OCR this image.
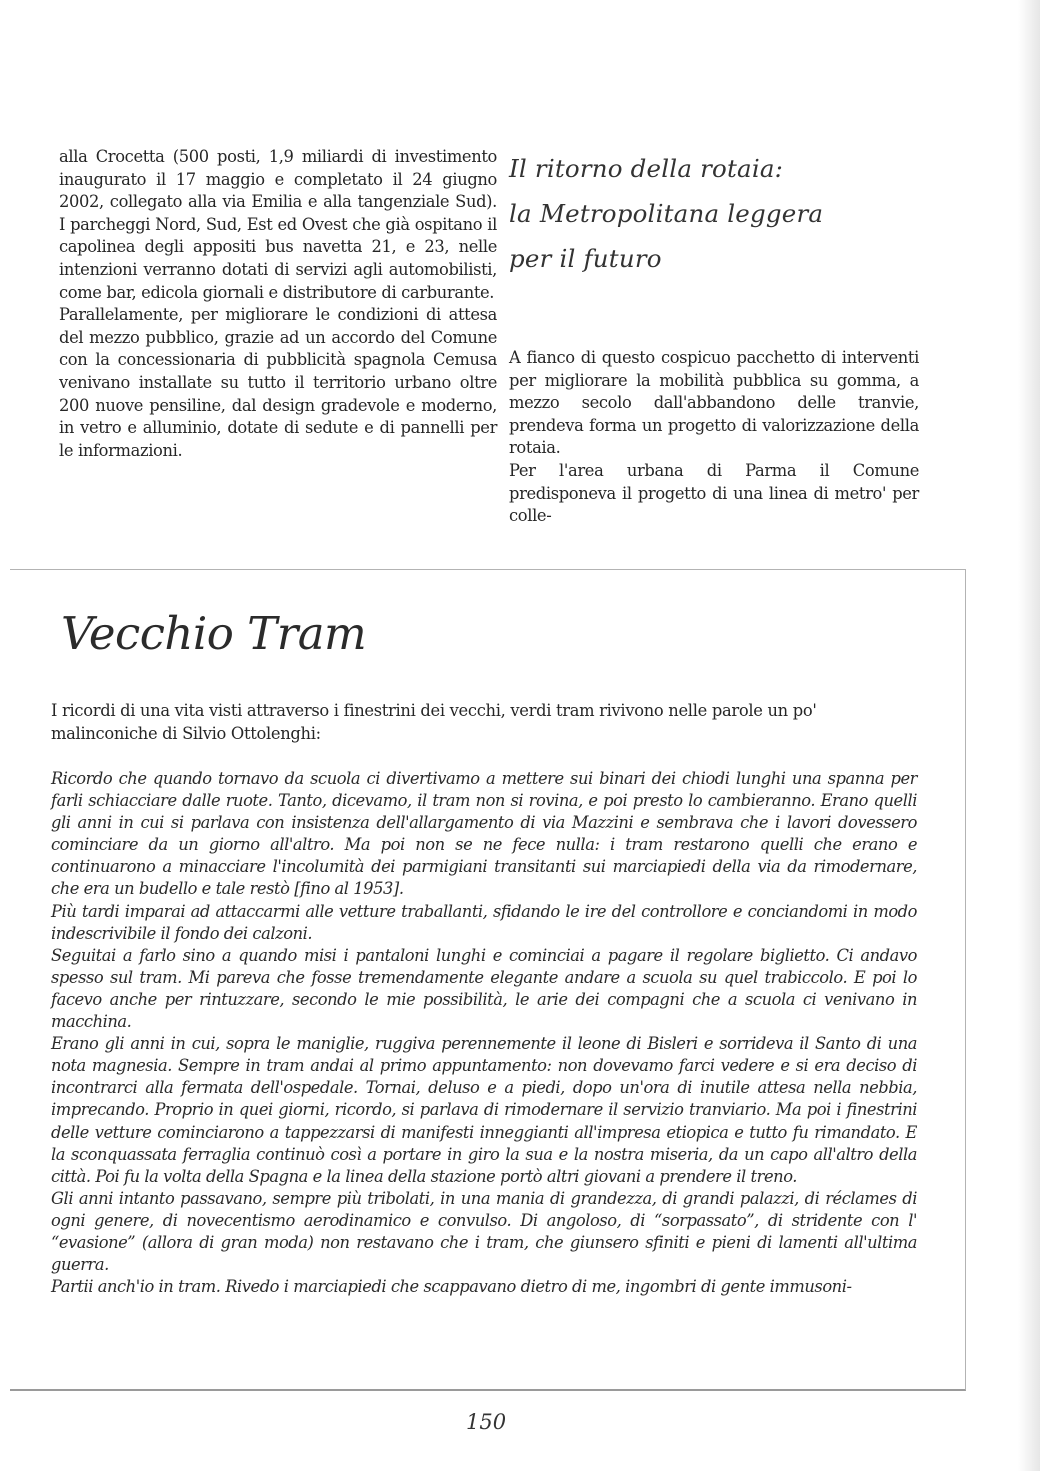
alla Crocetta (500 posti, 1,9 miliardi di investimento inaugurato il 17 maggio e completato il 24 giugno 2002, collegato alla via Emilia e alla tangenziale Sud). I parcheggi Nord, Sud, Est ed Ovest che già ospitano il capolinea degli appositi bus navetta 21, e 23, nelle intenzioni verranno dotati di servizi agli automobilisti, come bar, edicola giornali e distributore di carburante.

Parallelamente, per migliorare le condizioni di attesa del mezzo pubblico, grazie ad un accordo del Comune con la concessionaria di pubblicità spagnola Cemusa venivano installate su tutto il territorio urbano oltre 200 nuove pensiline, dal design gradevole e moderno, in vetro e alluminio, dotate di sedute e di pannelli per le informazioni.

Il ritorno della rotaia:
la Metropolitana leggera
per il futuro

A fianco di questo cospicuo pacchetto di interventi per migliorare la mobilità pubblica su gomma, a mezzo secolo dall'abbandono delle tranvie, prendeva forma un progetto di valorizzazione della rotaia.

Per l'area urbana di Parma il Comune predisponeva il progetto di una linea di metro' per colle-

Vecchio Tram

I ricordi di una vita visti attraverso i finestrini dei vecchi, verdi tram rivivono nelle parole un po' malinconiche di Silvio Ottolenghi:

Ricordo che quando tornavo da scuola ci divertivamo a mettere sui binari dei chiodi lunghi una spanna per farli schiacciare dalle ruote. Tanto, dicevamo, il tram non si rovina, e poi presto lo cambieranno. Erano quelli gli anni in cui si parlava con insistenza dell'allargamento di via Mazzini e sembrava che i lavori dovessero cominciare da un giorno all'altro. Ma poi non se ne fece nulla: i tram restarono quelli che erano e continuarono a minacciare l'incolumità dei parmigiani transitanti sui marciapiedi della via da rimodernare, che era un budello e tale restò [fino al 1953].

Più tardi imparai ad attaccarmi alle vetture traballanti, sfidando le ire del controllore e conciandomi in modo indescrivibile il fondo dei calzoni.

Seguitai a farlo sino a quando misi i pantaloni lunghi e cominciai a pagare il regolare biglietto. Ci andavo spesso sul tram. Mi pareva che fosse tremendamente elegante andare a scuola su quel trabiccolo. E poi lo facevo anche per rintuzzare, secondo le mie possibilità, le arie dei compagni che a scuola ci venivano in macchina.

Erano gli anni in cui, sopra le maniglie, ruggiva perennemente il leone di Bisleri e sorrideva il Santo di una nota magnesia. Sempre in tram andai al primo appuntamento: non dovevamo farci vedere e si era deciso di incontrarci alla fermata dell'ospedale. Tornai, deluso e a piedi, dopo un'ora di inutile attesa nella nebbia, imprecando. Proprio in quei giorni, ricordo, si parlava di rimodernare il servizio tranviario. Ma poi i finestrini delle vetture cominciarono a tappezzarsi di manifesti inneggianti all'impresa etiopica e tutto fu rimandato. E la sconquassata ferraglia continuò così a portare in giro la sua e la nostra miseria, da un capo all'altro della città. Poi fu la volta della Spagna e la linea della stazione portò altri giovani a prendere il treno.

Gli anni intanto passavano, sempre più tribolati, in una mania di grandezza, di grandi palazzi, di réclames di ogni genere, di novecentismo aerodinamico e convulso. Di angoloso, di “sorpassato”, di stridente con l' “evasione” (allora di gran moda) non restavano che i tram, che giunsero sfiniti e pieni di lamenti all'ultima guerra.

Partii anch'io in tram. Rivedo i marciapiedi che scappavano dietro di me, ingombri di gente immusoni-

150
